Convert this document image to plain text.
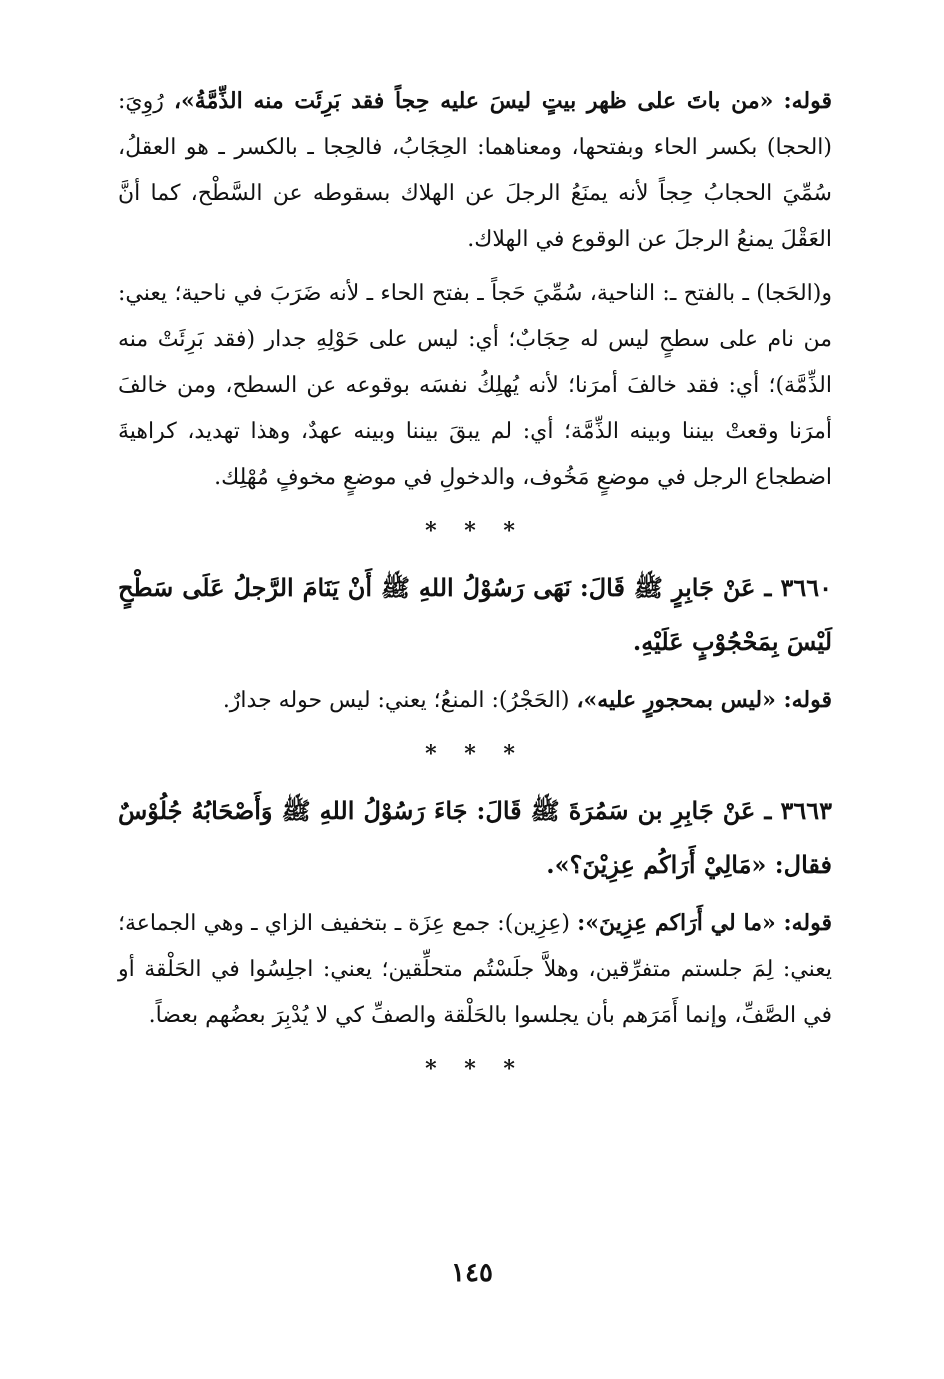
قوله: «من باتَ على ظهر بيتٍ ليسَ عليه حِجاً فقد بَرِئَت منه الذِّمَّةُ»، رُوِيَ: (الحجا) بكسر الحاء وبفتحها، ومعناهما: الحِجَابُ، فالحِجا ـ بالكسر ـ هو العقلُ، سُمِّيَ الحجابُ حِجاً لأنه يمنَعُ الرجلَ عن الهلاك بسقوطه عن السَّطْح، كما أنَّ العَقْلَ يمنعُ الرجلَ عن الوقوع في الهلاك.

و(الحَجا) ـ بالفتح ـ: الناحية، سُمِّيَ حَجاً ـ بفتح الحاء ـ لأنه ضَرَبَ في ناحية؛ يعني: من نام على سطحٍ ليس له حِجَابٌ؛ أي: ليس على حَوْلِهِ جدار (فقد بَرِئَتْ منه الذِّمَّة)؛ أي: فقد خالفَ أمرَنا؛ لأنه يُهلِكُ نفسَه بوقوعه عن السطح، ومن خالفَ أمرَنا وقعتْ بيننا وبينه الذِّمَّة؛ أي: لم يبقَ بيننا وبينه عهدٌ، وهذا تهديد، كراهيةَ اضطجاع الرجل في موضعٍ مَخُوف، والدخولِ في موضعٍ مخوفٍ مُهْلِك.

* * *

٣٦٦٠ ـ عَنْ جَابِرٍ ﷺ قَالَ: نَهَى رَسُوْلُ اللهِ ﷺ أَنْ يَنَامَ الرَّجلُ عَلَى سَطْحٍ لَيْسَ بِمَحْجُوْبٍ عَلَيْهِ.

قوله: «ليس بمحجورٍ عليه»، (الحَجْرُ): المنعُ؛ يعني: ليس حوله جدارٌ.

* * *

٣٦٦٣ ـ عَنْ جَابِرِ بن سَمُرَةَ ﷺ قَالَ: جَاءَ رَسُوْلُ اللهِ ﷺ وَأَصْحَابُهُ جُلُوْسٌ فقال: «مَالِيْ أَرَاكُم عِزِيْنَ؟».

قوله: «ما لي أَرَاكم عِزِينَ»: (عِزِين): جمع عِزَة ـ بتخفيف الزاي ـ وهي الجماعة؛ يعني: لِمَ جلستم متفرِّقين، وهلاَّ جلَسْتُم متحلِّقين؛ يعني: اجلِسُوا في الحَلْقة أو في الصَّفِّ، وإنما أَمَرَهم بأن يجلسوا بالحَلْقة والصفِّ كي لا يُدْبِرَ بعضُهم بعضاً.

* * *
١٤٥
